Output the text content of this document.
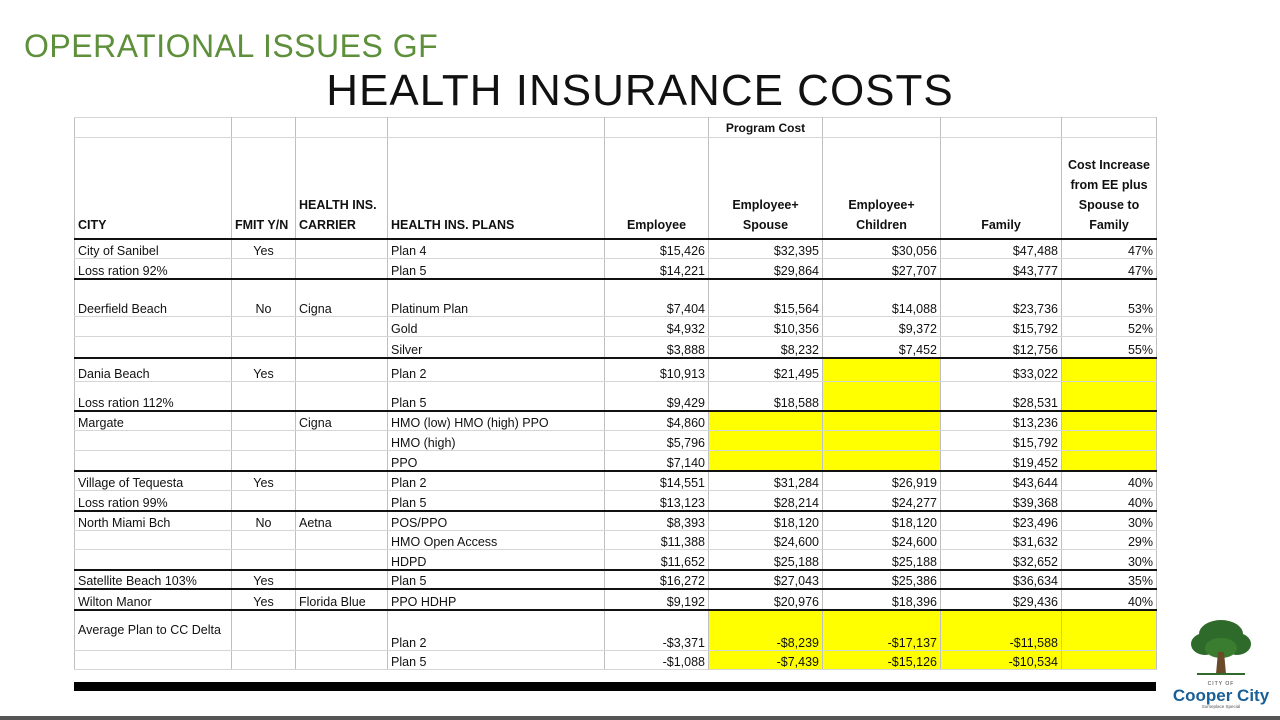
OPERATIONAL ISSUES GF
HEALTH INSURANCE COSTS
					Program Cost			
CITY	FMIT Y/N	HEALTH INS. CARRIER	HEALTH INS. PLANS	Employee	Employee+ Spouse	Employee+ Children	Family	Cost Increase from EE plus Spouse to Family
City of Sanibel	Yes		Plan 4	$15,426	$32,395	$30,056	$47,488	47%
Loss ration 92%			Plan 5	$14,221	$29,864	$27,707	$43,777	47%
Deerfield Beach	No	Cigna	Platinum Plan	$7,404	$15,564	$14,088	$23,736	53%
			Gold	$4,932	$10,356	$9,372	$15,792	52%
			Silver	$3,888	$8,232	$7,452	$12,756	55%
Dania Beach	Yes		Plan 2	$10,913	$21,495		$33,022	
Loss ration 112%			Plan 5	$9,429	$18,588		$28,531	
Margate		Cigna	HMO (low) HMO (high) PPO	$4,860			$13,236	
			HMO (high)	$5,796			$15,792	
			PPO	$7,140			$19,452	
Village of Tequesta	Yes		Plan 2	$14,551	$31,284	$26,919	$43,644	40%
Loss ration 99%			Plan 5	$13,123	$28,214	$24,277	$39,368	40%
North Miami Bch	No	Aetna	POS/PPO	$8,393	$18,120	$18,120	$23,496	30%
			HMO Open Access	$11,388	$24,600	$24,600	$31,632	29%
			HDPD	$11,652	$25,188	$25,188	$32,652	30%
Satellite Beach 103%	Yes		Plan 5	$16,272	$27,043	$25,386	$36,634	35%
Wilton Manor	Yes	Florida Blue	PPO HDHP	$9,192	$20,976	$18,396	$29,436	40%
Average Plan to CC Delta			Plan 2	-$3,371	-$8,239	-$17,137	-$11,588	
			Plan 5	-$1,088	-$7,439	-$15,126	-$10,534	
CITY OF
Cooper City
Someplace Special
